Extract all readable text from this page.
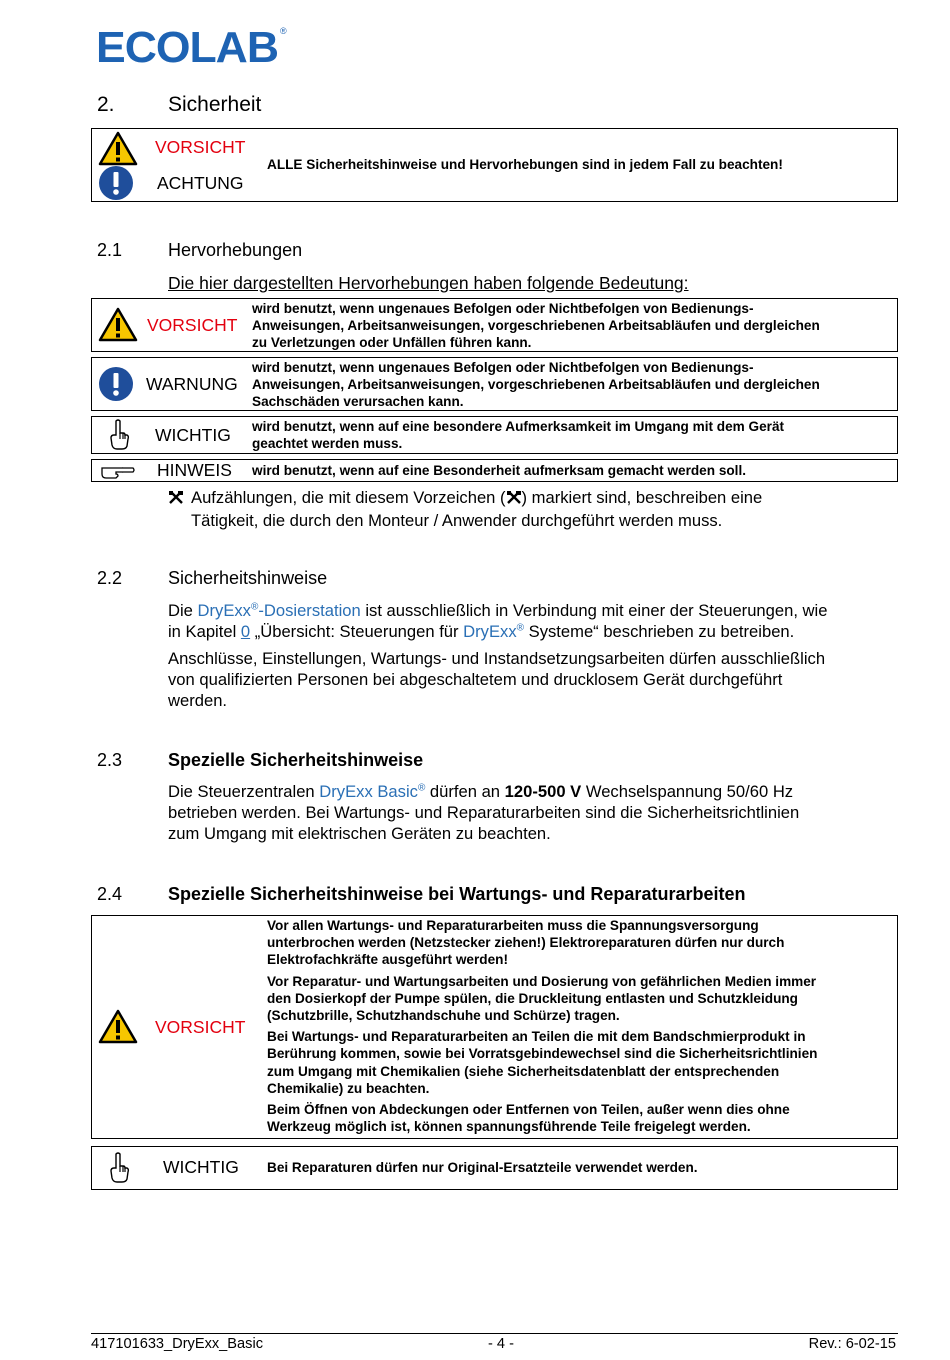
ECOLAB ®
2.	Sicherheit
VORSICHT
ACHTUNG
ALLE Sicherheitshinweise und Hervorhebungen sind in jedem Fall zu beachten!
2.1	Hervorhebungen
Die hier dargestellten Hervorhebungen haben folgende Bedeutung:
VORSICHT
wird benutzt, wenn ungenaues Befolgen oder Nichtbefolgen von Bedienungs-
Anweisungen, Arbeitsanweisungen, vorgeschriebenen Arbeitsabläufen und dergleichen
zu Verletzungen oder Unfällen führen kann.
WARNUNG
wird benutzt, wenn ungenaues Befolgen oder Nichtbefolgen von Bedienungs-
Anweisungen, Arbeitsanweisungen, vorgeschriebenen Arbeitsabläufen und dergleichen
Sachschäden verursachen kann.
WICHTIG wird benutzt, wenn auf eine besondere Aufmerksamkeit im Umgang mit dem Gerät
geachtet werden muss.
HINWEIS wird benutzt, wenn auf eine Besonderheit aufmerksam gemacht werden soll.
Aufzählungen, die mit diesem Vorzeichen ( ) markiert sind, beschreiben eine
Tätigkeit, die durch den Monteur / Anwender durchgeführt werden muss.
2.2	Sicherheitshinweise
Die DryExx®-Dosierstation ist ausschließlich in Verbindung mit einer der Steuerungen, wie
in Kapitel 0 „Übersicht: Steuerungen für DryExx® Systeme“ beschrieben zu betreiben.
Anschlüsse, Einstellungen, Wartungs- und Instandsetzungsarbeiten dürfen ausschließlich
von qualifizierten Personen bei abgeschaltetem und drucklosem Gerät durchgeführt
werden.
2.3	Spezielle Sicherheitshinweise
Die Steuerzentralen DryExx Basic® dürfen an 120-500 V Wechselspannung 50/60 Hz
betrieben werden. Bei Wartungs- und Reparaturarbeiten sind die Sicherheitsrichtlinien
zum Umgang mit elektrischen Geräten zu beachten.
2.4	Spezielle Sicherheitshinweise bei Wartungs- und Reparaturarbeiten
VORSICHT
Vor allen Wartungs- und Reparaturarbeiten muss die Spannungsversorgung
unterbrochen werden (Netzstecker ziehen!) Elektroreparaturen dürfen nur durch
Elektrofachkräfte ausgeführt werden!
Vor Reparatur- und Wartungsarbeiten und Dosierung von gefährlichen Medien immer
den Dosierkopf der Pumpe spülen, die Druckleitung entlasten und Schutzkleidung
(Schutzbrille, Schutzhandschuhe und Schürze) tragen.
Bei Wartungs- und Reparaturarbeiten an Teilen die mit dem Bandschmierprodukt in
Berührung kommen, sowie bei Vorratsgebindewechsel sind die Sicherheitsrichtlinien
zum Umgang mit Chemikalien (siehe Sicherheitsdatenblatt der entsprechenden
Chemikalie) zu beachten.
Beim Öffnen von Abdeckungen oder Entfernen von Teilen, außer wenn dies ohne
Werkzeug möglich ist, können spannungsführende Teile freigelegt werden.
WICHTIG Bei Reparaturen dürfen nur Original-Ersatzteile verwendet werden.
417101633_DryExx_Basic	- 4 -	Rev.: 6-02-15
